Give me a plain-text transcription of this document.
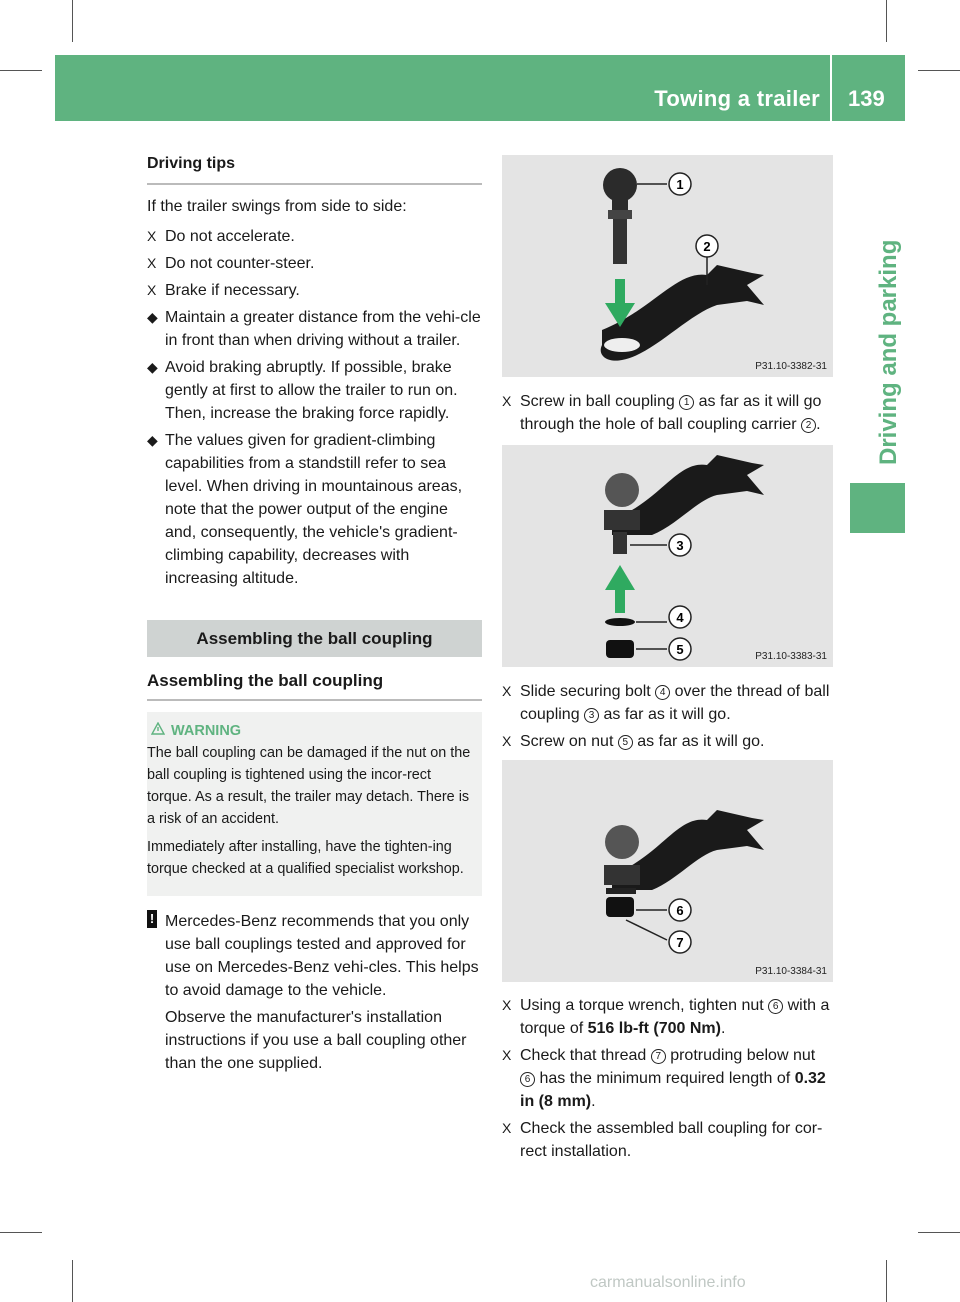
Towing a trailer 139
Driving and parking
Driving tips

If the trailer swings from side to side:

X Do not accelerate.
X Do not counter-steer.
X Brake if necessary.
◆ Maintain a greater distance from the vehi-cle in front than when driving without a trailer.
◆ Avoid braking abruptly. If possible, brake gently at first to allow the trailer to run on. Then, increase the braking force rapidly.
◆ The values given for gradient-climbing capabilities from a standstill refer to sea level. When driving in mountainous areas, note that the power output of the engine and, consequently, the vehicle's gradient-climbing capability, decreases with increasing altitude.
Assembling the ball coupling
Assembling the ball coupling
WARNING

The ball coupling can be damaged if the nut on the ball coupling is tightened using the incor-rect torque. As a result, the trailer may detach. There is a risk of an accident.

Immediately after installing, have the tighten-ing torque checked at a qualified specialist workshop.

! Mercedes-Benz recommends that you only use ball couplings tested and approved for use on Mercedes-Benz vehi-cles. This helps to avoid damage to the vehicle.

Observe the manufacturer's installation instructions if you use a ball coupling other than the one supplied.

1
2
P31.10-3382-31
X Screw in ball coupling 1 as far as it will go through the hole of ball coupling carrier 2 .
3
4
5	P31.10-3383-31
X Slide securing bolt 4 over the thread of ball coupling 3 as far as it will go.
X Screw on nut 5 as far as it will go.
6
7
P31.10-3384-31
X Using a torque wrench, tighten nut 6 with a torque of 516 lb-ft (700 Nm).
X Check that thread 7 protruding below nut 6 has the minimum required length of 0.32 in (8 mm).
X Check the assembled ball coupling for cor-rect installation.
carmanualsonline.info
